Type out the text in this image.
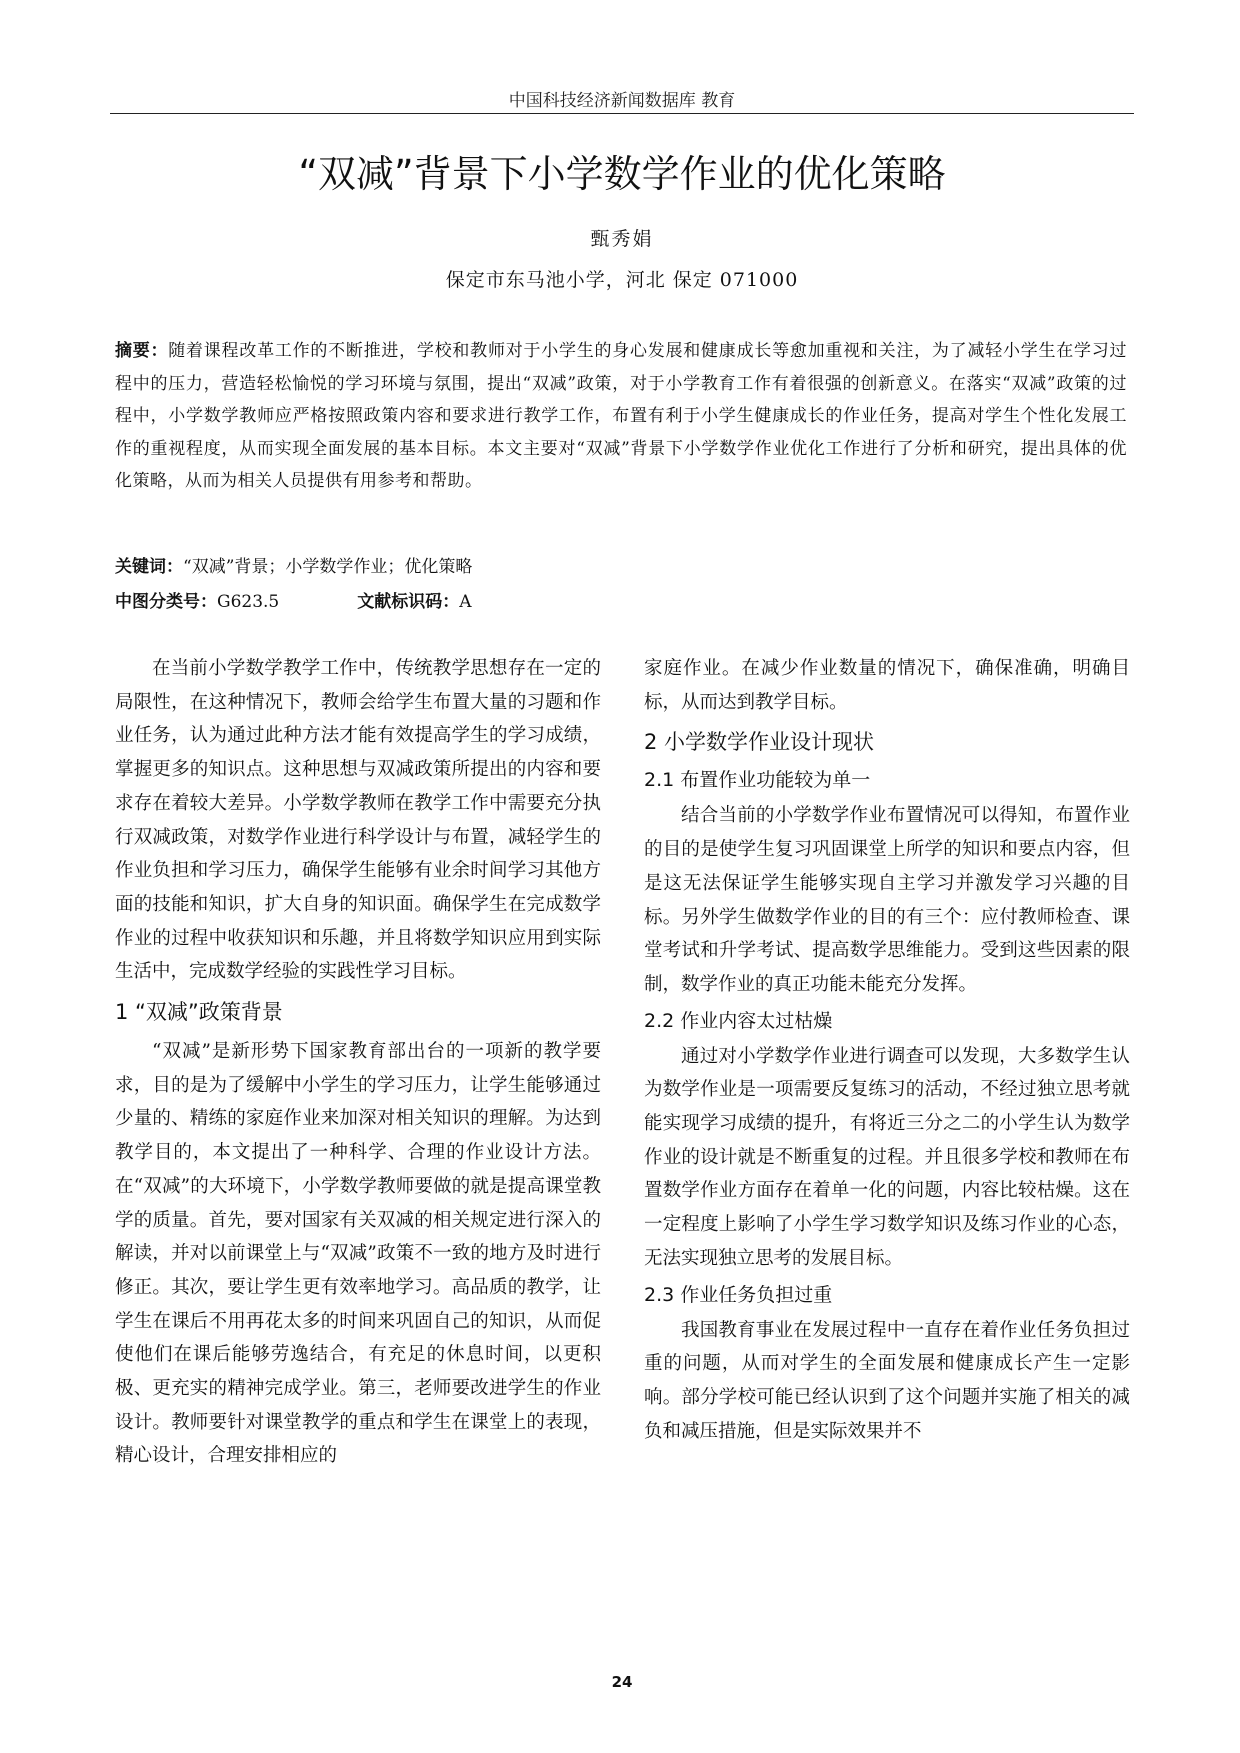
中国科技经济新闻数据库 教育
“双减”背景下小学数学作业的优化策略
甄秀娟
保定市东马池小学，河北 保定 071000
摘要：随着课程改革工作的不断推进，学校和教师对于小学生的身心发展和健康成长等愈加重视和关注，为了减轻小学生在学习过程中的压力，营造轻松愉悦的学习环境与氛围，提出“双减”政策，对于小学教育工作有着很强的创新意义。在落实“双减”政策的过程中，小学数学教师应严格按照政策内容和要求进行教学工作，布置有利于小学生健康成长的作业任务，提高对学生个性化发展工作的重视程度，从而实现全面发展的基本目标。本文主要对“双减”背景下小学数学作业优化工作进行了分析和研究，提出具体的优化策略，从而为相关人员提供有用参考和帮助。
关键词：“双减”背景；小学数学作业；优化策略
中图分类号：G623.5	文献标识码：A

在当前小学数学教学工作中，传统教学思想存在一定的局限性，在这种情况下，教师会给学生布置大量的习题和作业任务，认为通过此种方法才能有效提高学生的学习成绩，掌握更多的知识点。这种思想与双减政策所提出的内容和要求存在着较大差异。小学数学教师在教学工作中需要充分执行双减政策，对数学作业进行科学设计与布置，减轻学生的作业负担和学习压力，确保学生能够有业余时间学习其他方面的技能和知识，扩大自身的知识面。确保学生在完成数学作业的过程中收获知识和乐趣，并且将数学知识应用到实际生活中，完成数学经验的实践性学习目标。

1 “双减”政策背景

“双减”是新形势下国家教育部出台的一项新的教学要求，目的是为了缓解中小学生的学习压力，让学生能够通过少量的、精练的家庭作业来加深对相关知识的理解。为达到教学目的，本文提出了一种科学、合理的作业设计方法。在“双减”的大环境下，小学数学教师要做的就是提高课堂教学的质量。首先，要对国家有关双减的相关规定进行深入的解读，并对以前课堂上与“双减”政策不一致的地方及时进行修正。其次，要让学生更有效率地学习。高品质的教学，让学生在课后不用再花太多的时间来巩固自己的知识，从而促使他们在课后能够劳逸结合，有充足的休息时间，以更积极、更充实的精神完成学业。第三，老师要改进学生的作业设计。教师要针对课堂教学的重点和学生在课堂上的表现，精心设计，合理安排相应的

家庭作业。在减少作业数量的情况下，确保准确，明确目标，从而达到教学目标。

2 小学数学作业设计现状
2.1 布置作业功能较为单一

结合当前的小学数学作业布置情况可以得知，布置作业的目的是使学生复习巩固课堂上所学的知识和要点内容，但是这无法保证学生能够实现自主学习并激发学习兴趣的目标。另外学生做数学作业的目的有三个：应付教师检查、课堂考试和升学考试、提高数学思维能力。受到这些因素的限制，数学作业的真正功能未能充分发挥。

2.2 作业内容太过枯燥

通过对小学数学作业进行调查可以发现，大多数学生认为数学作业是一项需要反复练习的活动，不经过独立思考就能实现学习成绩的提升，有将近三分之二的小学生认为数学作业的设计就是不断重复的过程。并且很多学校和教师在布置数学作业方面存在着单一化的问题，内容比较枯燥。这在一定程度上影响了小学生学习数学知识及练习作业的心态，无法实现独立思考的发展目标。

2.3 作业任务负担过重

我国教育事业在发展过程中一直存在着作业任务负担过重的问题，从而对学生的全面发展和健康成长产生一定影响。部分学校可能已经认识到了这个问题并实施了相关的减负和减压措施，但是实际效果并不

24
